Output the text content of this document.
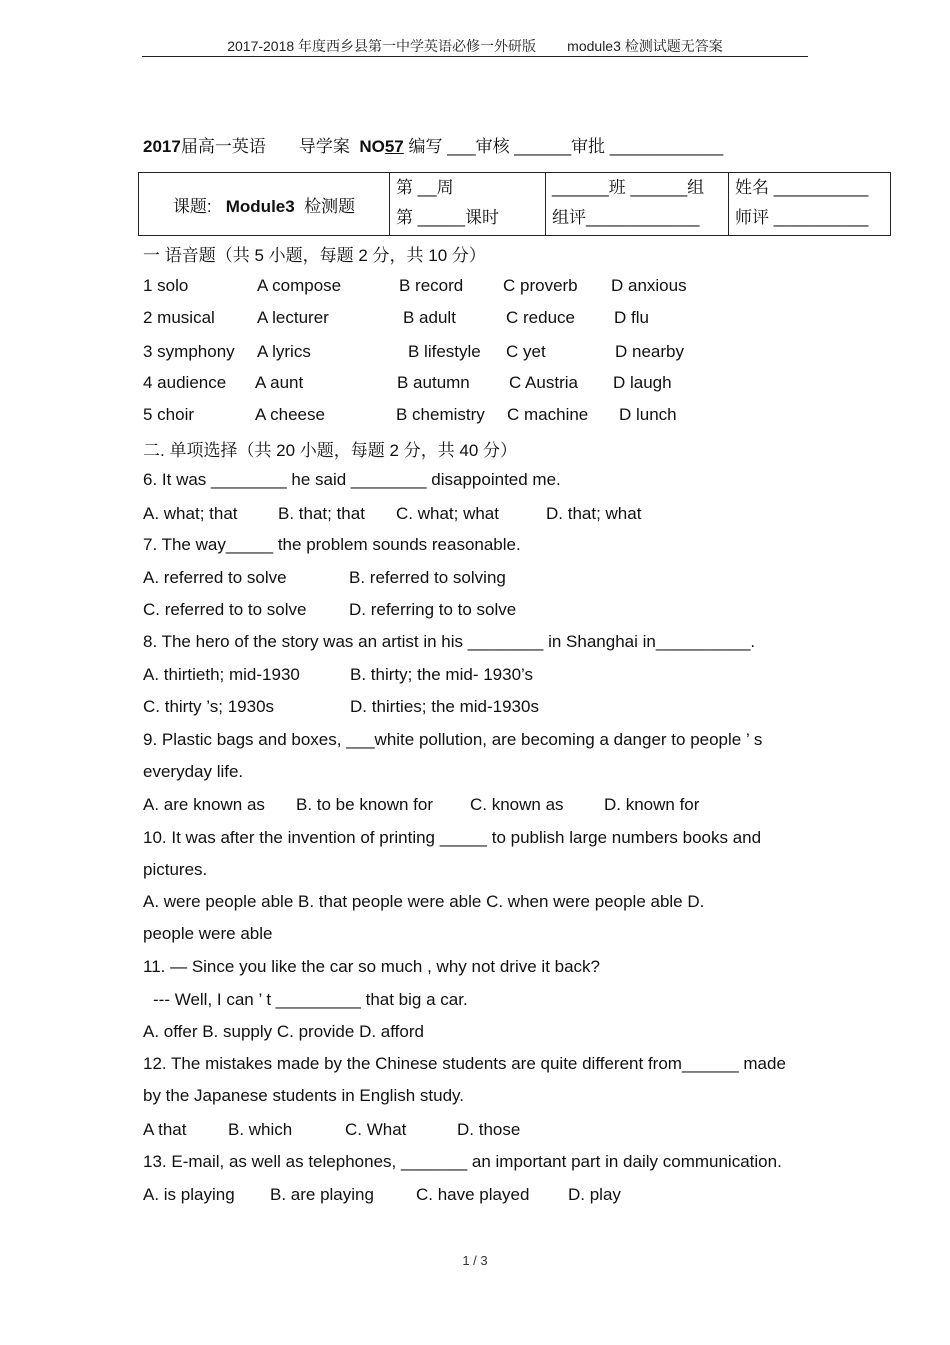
2017-2018 年度西乡县第一中学英语必修一外研版        module3 检测试题无答案
2017届高一英语 导学案 NO57 编写 ___审核 ______审批 ____________
课题: Module3 检测题	
第 __周
第 _____课时

______班 ______组
组评____________

姓名 __________
师评 __________
一 语音题（共 5 小题，每题 2 分，共 10 分）
1 solo	A compose	B record C proverb D anxious
2 musical A lecturer	B adult	C reduce D flu
3 symphony A lyrics	B lifestyle C yet	D nearby
4 audience A aunt	B autumn C Austria D laugh
5 choir	A cheese	B chemistry C machine D lunch
二. 单项选择（共 20 小题，每题 2 分，共 40 分）
6. It was ________ he said ________ disappointed me.
A. what; that B. that; that C. what; what	D. that; what
7. The way_____ the problem sounds reasonable.
A. referred to solve	B. referred to solving
C. referred to to solve	D. referring to to solve
8. The hero of the story was an artist in his ________ in Shanghai in__________.
A. thirtieth; mid-1930	B. thirty; the mid- 1930’s
C. thirty ’s; 1930s	D. thirties; the mid-1930s
9. Plastic bags and boxes, ___white pollution, are becoming a danger to people ’ s
everyday life.
A. are known as B. to be known for C. known as D. known for
10. It was after the invention of printing _____ to publish large numbers books and
pictures.
A. were people able B. that people were able C. when were people able D.
people were able
11. — Since you like the car so much , why not drive it back?
--- Well, I can ’ t _________ that big a car.
A. offer B. supply C. provide D. afford
12. The mistakes made by the Chinese students are quite different from______ made
by the Japanese students in English study.
A that B. which	C. What	D. those
13. E-mail, as well as telephones, _______ an important part in daily communication.
A. is playing B. are playing C. have played D. play
1 / 3
